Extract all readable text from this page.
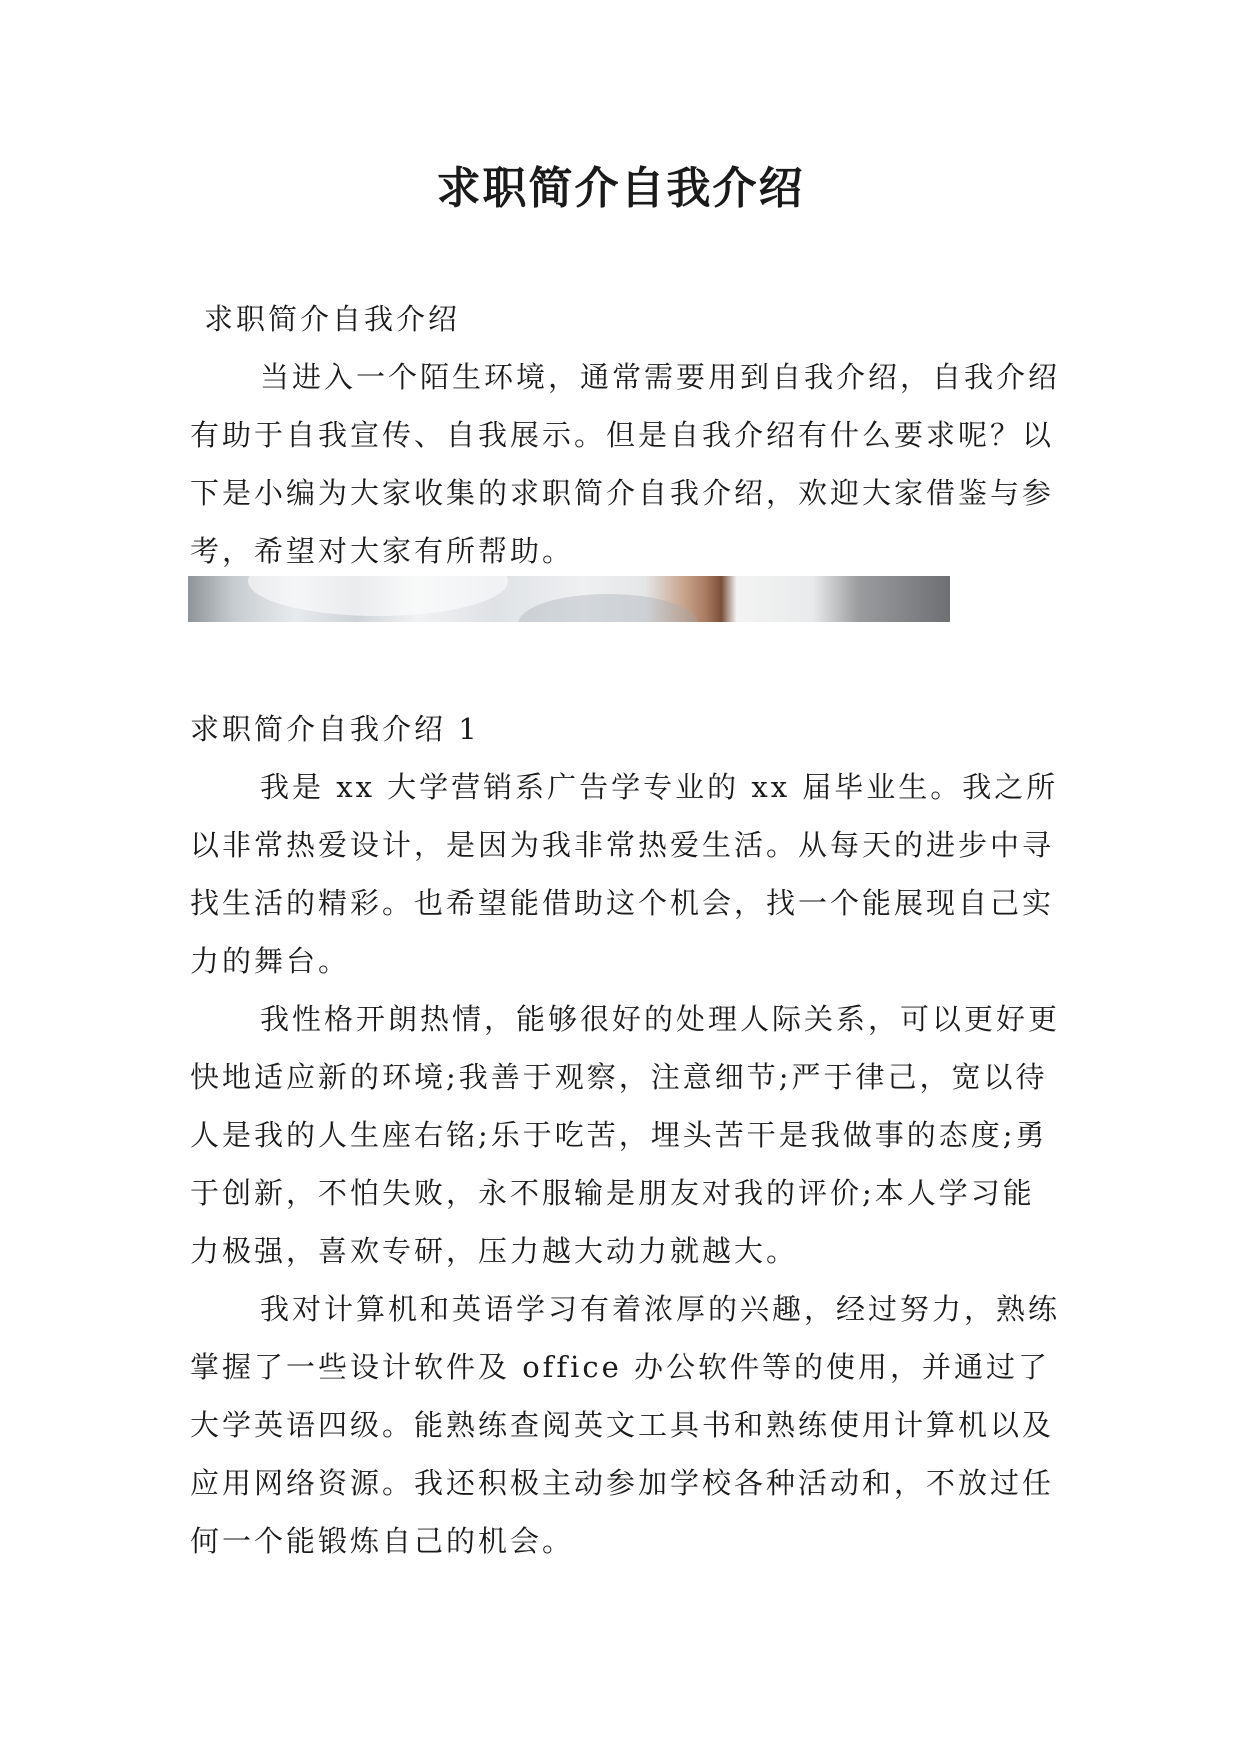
求职简介自我介绍
求职简介自我介绍
当进入一个陌生环境，通常需要用到自我介绍，自我介绍有助于自我宣传、自我展示。但是自我介绍有什么要求呢？以下是小编为大家收集的求职简介自我介绍，欢迎大家借鉴与参考，希望对大家有所帮助。
求职简介自我介绍 1
我是 xx 大学营销系广告学专业的 xx 届毕业生。我之所以非常热爱设计，是因为我非常热爱生活。从每天的进步中寻找生活的精彩。也希望能借助这个机会，找一个能展现自己实力的舞台。
我性格开朗热情，能够很好的处理人际关系，可以更好更快地适应新的环境;我善于观察，注意细节;严于律己，宽以待人是我的人生座右铭;乐于吃苦，埋头苦干是我做事的态度;勇于创新，不怕失败，永不服输是朋友对我的评价;本人学习能力极强，喜欢专研，压力越大动力就越大。
我对计算机和英语学习有着浓厚的兴趣，经过努力，熟练掌握了一些设计软件及 office 办公软件等的使用，并通过了大学英语四级。能熟练查阅英文工具书和熟练使用计算机以及应用网络资源。我还积极主动参加学校各种活动和，不放过任何一个能锻炼自己的机会。
